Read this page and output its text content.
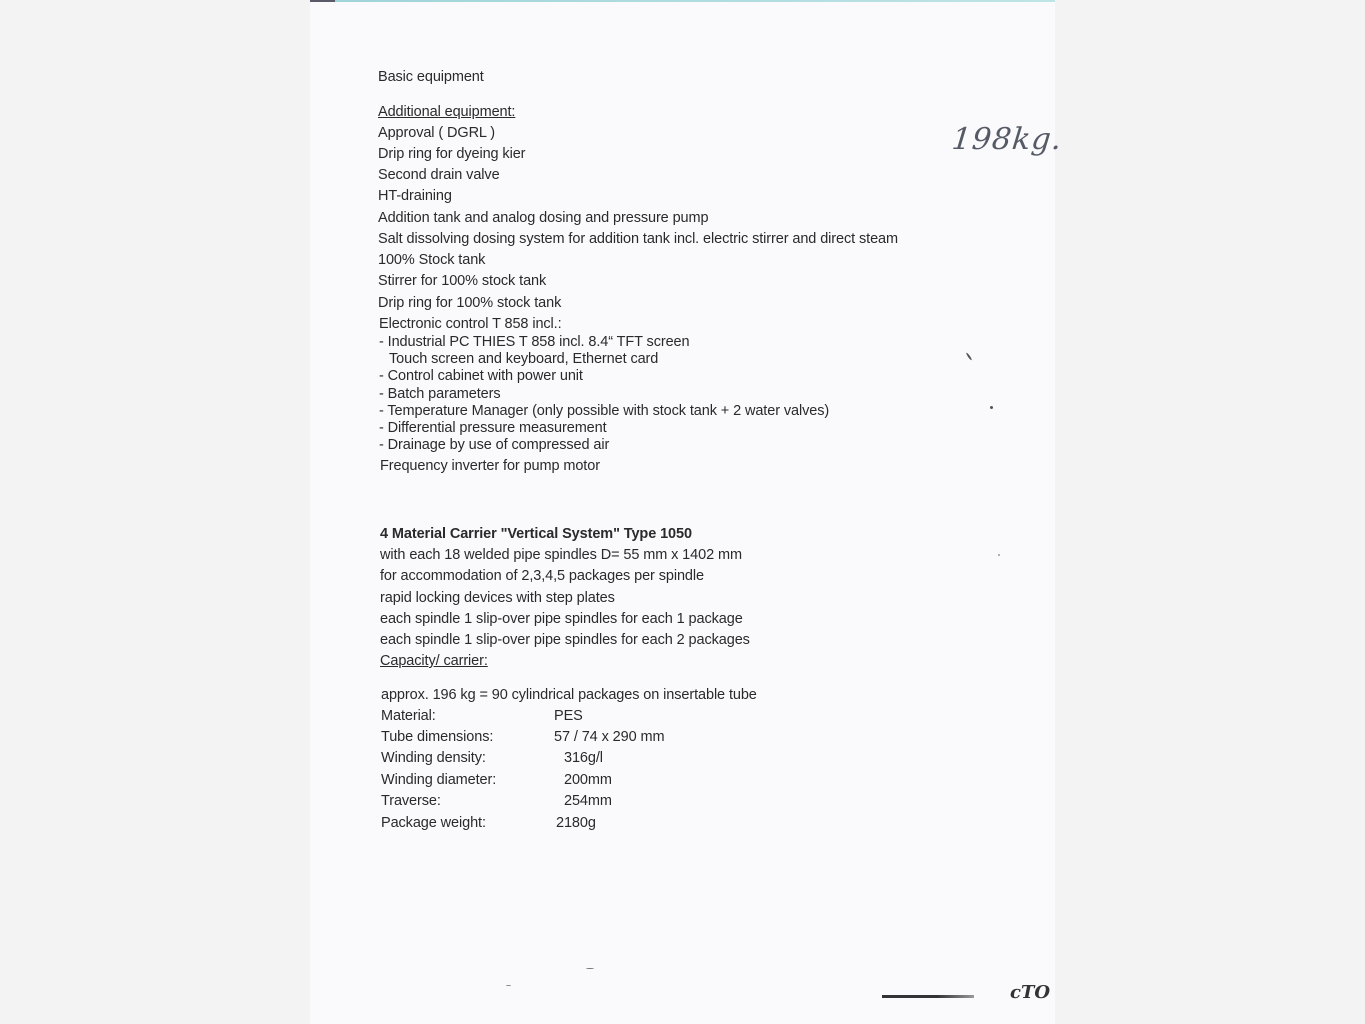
Basic equipment
Additional equipment:
Approval ( DGRL )
Drip ring for dyeing kier
Second drain valve
HT-draining
Addition tank and analog dosing and pressure pump
Salt dissolving dosing system for addition tank incl. electric stirrer and direct steam
100% Stock tank
Stirrer for 100% stock tank
Drip ring for 100% stock tank
Electronic control T 858 incl.:
- Industrial PC THIES T 858 incl. 8.4“ TFT screen
Touch screen and keyboard, Ethernet card
- Control cabinet with power unit
- Batch parameters
- Temperature Manager (only possible with stock tank + 2 water valves)
- Differential pressure measurement
- Drainage by use of compressed air
Frequency inverter for pump motor
4 Material Carrier "Vertical System" Type 1050
with each 18 welded pipe spindles D= 55 mm x 1402 mm
for accommodation of 2,3,4,5 packages per spindle
rapid locking devices with step plates
each spindle 1 slip-over pipe spindles for each 1 package
each spindle 1 slip-over pipe spindles for each 2 packages
Capacity/ carrier:
approx. 196 kg = 90 cylindrical packages on insertable tube
Material:	PES
Tube dimensions:	57 / 74 x 290 mm
Winding density:	316g/l
Winding diameter:	200mm
Traverse:	254mm
Package weight:	2180g
198kg.
cTO
